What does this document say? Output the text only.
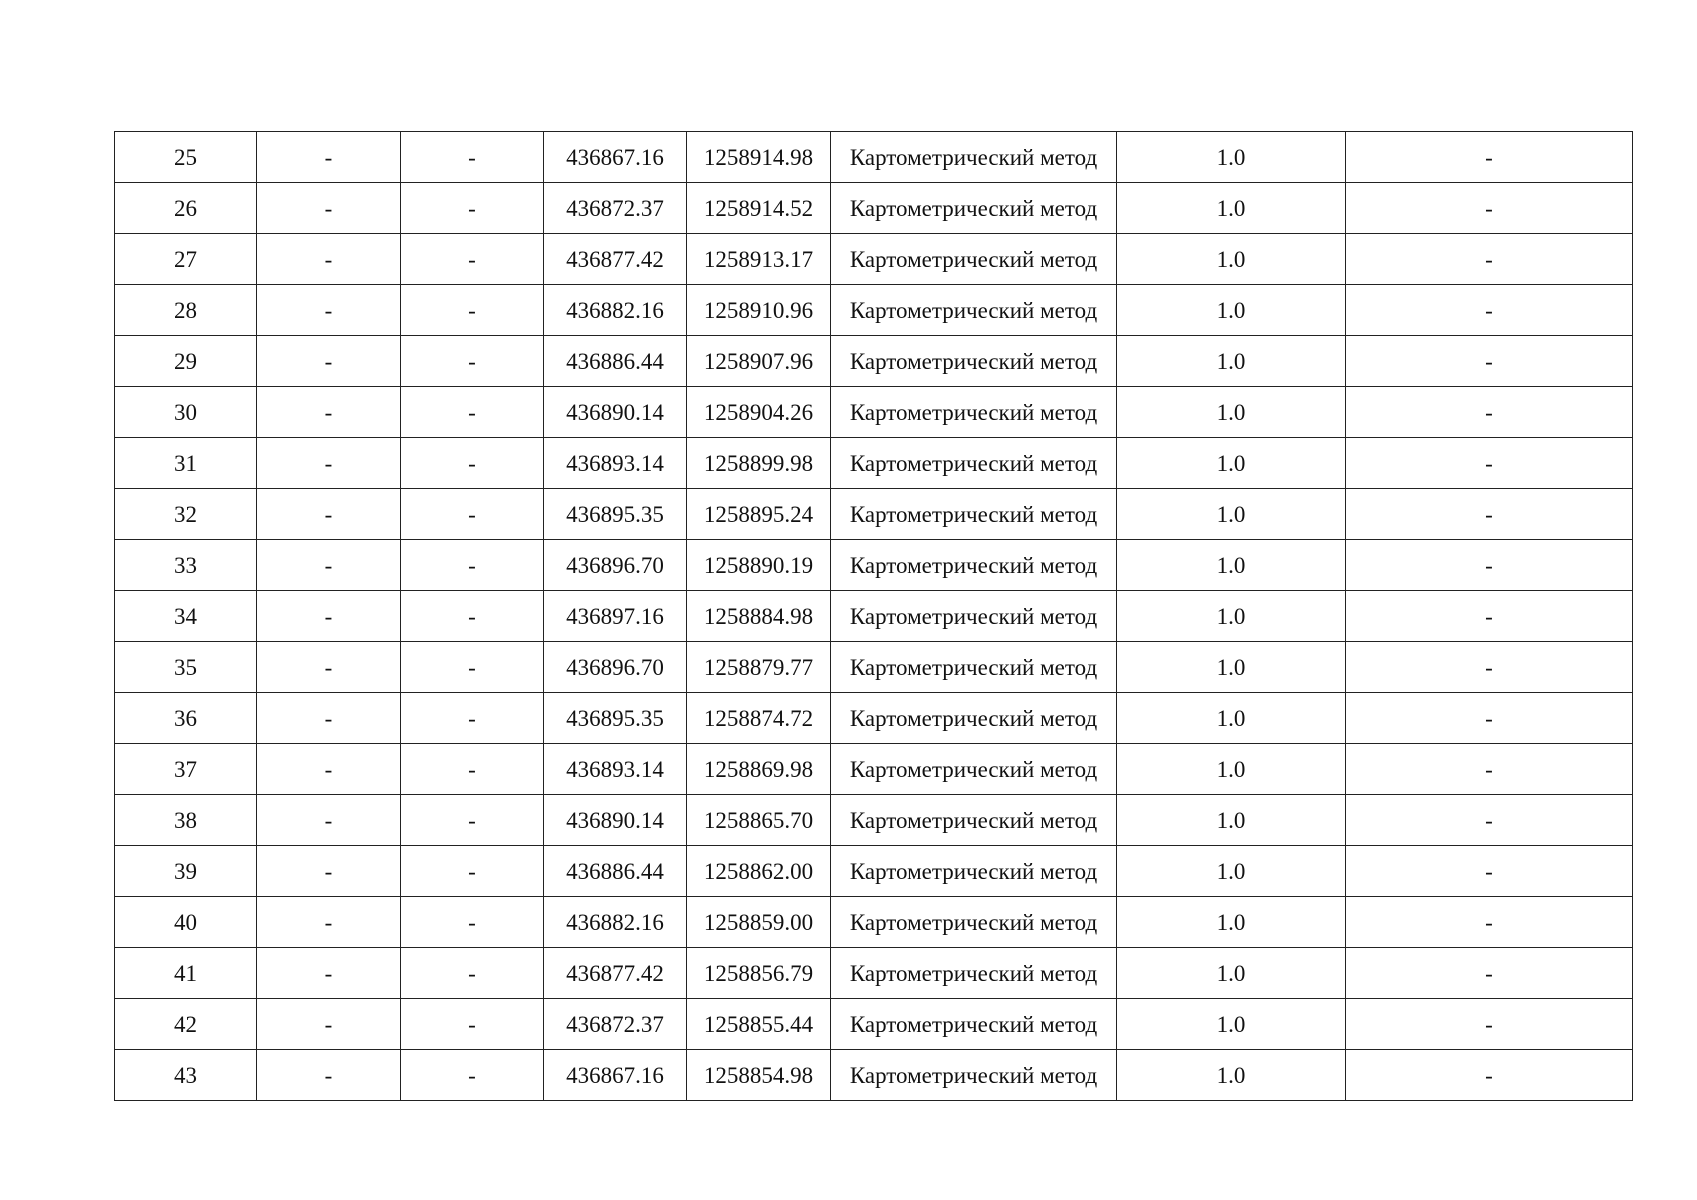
25	-	-	436867.16	1258914.98	Картометрический метод	1.0	-
26	-	-	436872.37	1258914.52	Картометрический метод	1.0	-
27	-	-	436877.42	1258913.17	Картометрический метод	1.0	-
28	-	-	436882.16	1258910.96	Картометрический метод	1.0	-
29	-	-	436886.44	1258907.96	Картометрический метод	1.0	-
30	-	-	436890.14	1258904.26	Картометрический метод	1.0	-
31	-	-	436893.14	1258899.98	Картометрический метод	1.0	-
32	-	-	436895.35	1258895.24	Картометрический метод	1.0	-
33	-	-	436896.70	1258890.19	Картометрический метод	1.0	-
34	-	-	436897.16	1258884.98	Картометрический метод	1.0	-
35	-	-	436896.70	1258879.77	Картометрический метод	1.0	-
36	-	-	436895.35	1258874.72	Картометрический метод	1.0	-
37	-	-	436893.14	1258869.98	Картометрический метод	1.0	-
38	-	-	436890.14	1258865.70	Картометрический метод	1.0	-
39	-	-	436886.44	1258862.00	Картометрический метод	1.0	-
40	-	-	436882.16	1258859.00	Картометрический метод	1.0	-
41	-	-	436877.42	1258856.79	Картометрический метод	1.0	-
42	-	-	436872.37	1258855.44	Картометрический метод	1.0	-
43	-	-	436867.16	1258854.98	Картометрический метод	1.0	-
